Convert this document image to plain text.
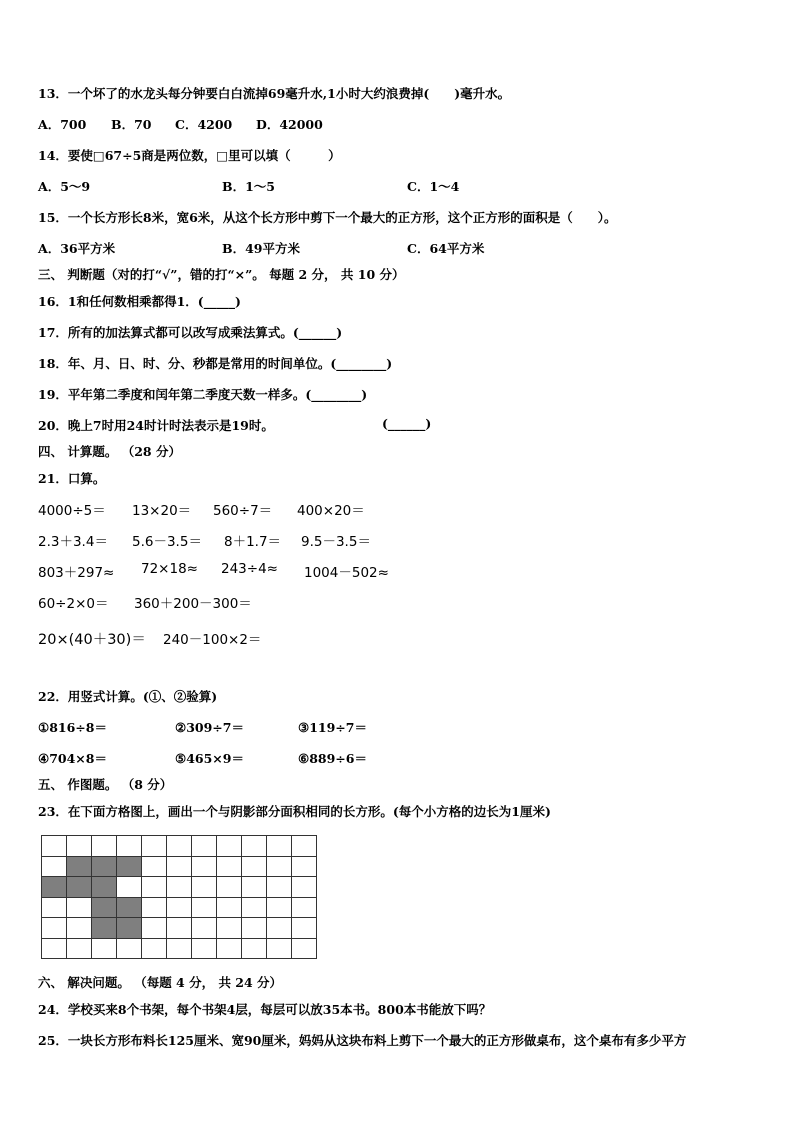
13．一个坏了的水龙头每分钟要白白流掉69毫升水,1小时大约浪费掉(　　)毫升水。
A．700 B．70 C．4200 D．42000
14．要使□67÷5商是两位数，□里可以填（　　　）
A．5～9	B．1～5	C．1～4
15．一个长方形长8米，宽6米，从这个长方形中剪下一个最大的正方形，这个正方形的面积是（　　）。
A．36平方米	B．49平方米	C．64平方米
三、 判断题（对的打“√”，错的打“×”。 每题 2 分， 共 10 分）
16．1和任何数相乘都得1．(_____)
17．所有的加法算式都可以改写成乘法算式。(______)
18．年、月、日、时、分、秒都是常用的时间单位。(________)
19．平年第二季度和闰年第二季度天数一样多。(________)
20．晚上7时用24时计时法表示是19时。	(______)
四、 计算题。 （28 分）
21．口算。
4000÷5＝ 13×20＝ 560÷7＝ 400×20＝
2.3＋3.4＝ 5.6－3.5＝ 8＋1.7＝ 9.5－3.5＝
803＋297≈ 72×18≈ 243÷4≈ 1004－502≈
60÷2×0＝ 360＋200－300＝
20×(40＋30)＝ 240－100×2＝
22．用竖式计算。(①、②验算)
①816÷8＝	②309÷7＝	③119÷7＝
④704×8＝	⑤465×9＝	⑥889÷6＝
五、 作图题。 （8 分）
23．在下面方格图上，画出一个与阴影部分面积相同的长方形。(每个小方格的边长为1厘米)
六、 解决问题。 （每题 4 分， 共 24 分）
24．学校买来8个书架，每个书架4层，每层可以放35本书。800本书能放下吗？
25．一块长方形布料长125厘米、宽90厘米，妈妈从这块布料上剪下一个最大的正方形做桌布，这个桌布有多少平方
